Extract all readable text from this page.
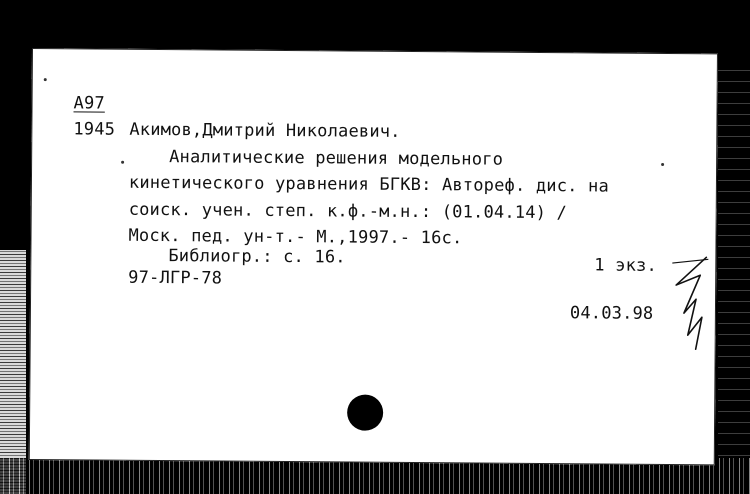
А97
1945 Акимов,Дмитрий Николаевич.
Аналитические решения модельного
кинетического уравнения БГКВ: Автореф. дис. на
соиск. учен. степ. к.ф.-м.н.: (01.04.14) /
Моск. пед. ун-т.- М.,1997.- 16с.
Библиогр.: с. 16.	1 экз.
97-ЛГР-78
04.03.98
